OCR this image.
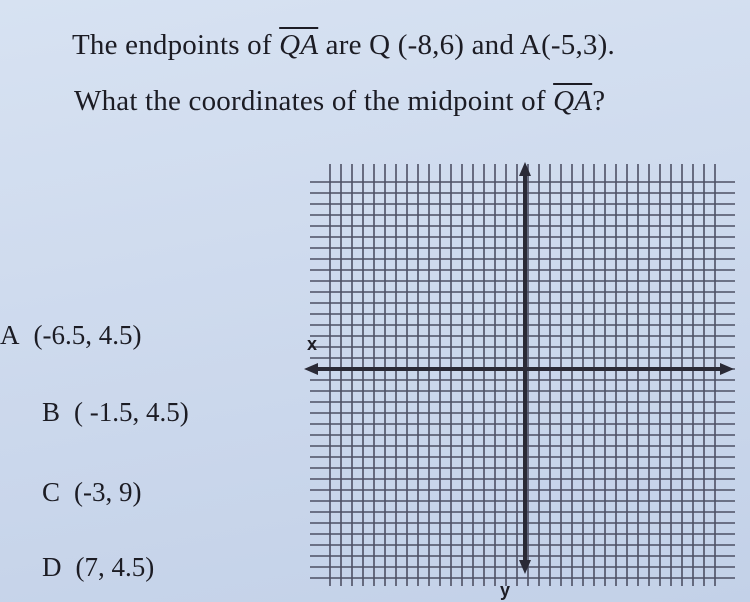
The endpoints of $\overline{QA}$ are Q (-8,6) and A(-5,3).
What the coordinates of the midpoint of $\overline{QA}$?
A (-6.5, 4.5)
B ( -1.5, 4.5)
C (-3, 9)
D (7, 4.5)
x
y
